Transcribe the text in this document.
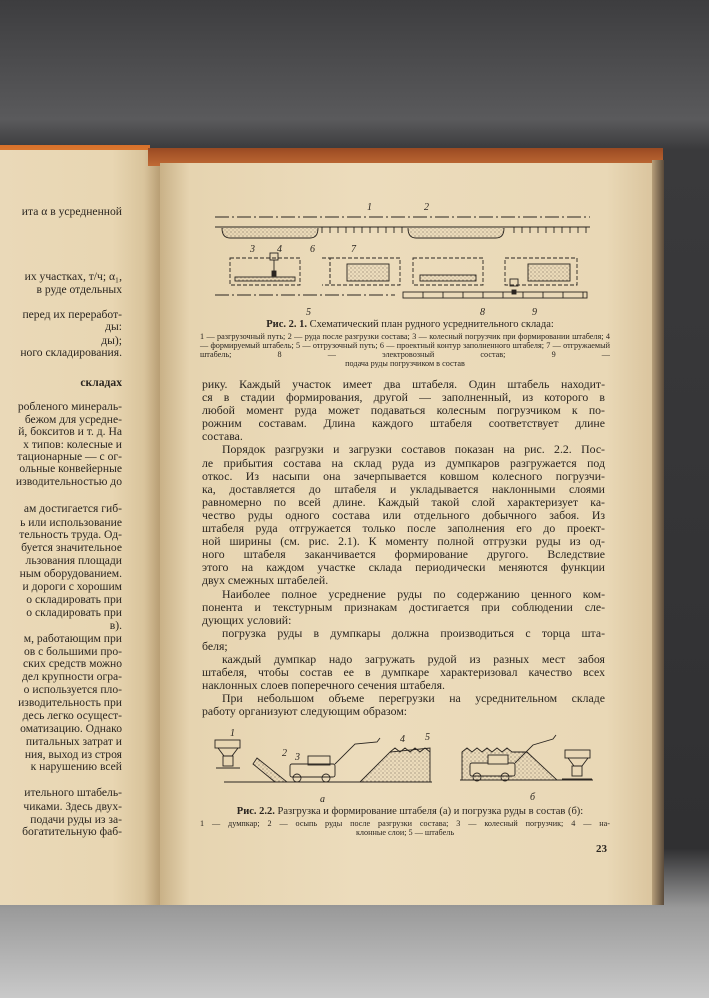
ита α в усредненной
их участках, т/ч; α₁,
в руде отдельных
перед их переработ-
ды:
ды);
ного складирования.
складах
робленого минераль-
бежом для усредне-
й, бокситов и т. д. На
х типов: колесные и
тационарные — с ог-
ольные конвейерные
изводительностью до
ам достигается гиб-
ь или использование
тельность труда. Од-
буется значительное
льзования площади
ным оборудованием.
и дороги с хорошим
о складировать при
о складировать при
в).
м, работающим при
ов с большими про-
ских средств можно
дел крупности огра-
о используется пло-
изводительность при
десь легко осущест-
оматизацию. Однако
питальных затрат и
ния, выход из строя
к нарушению всей
ительного штабель-
чиками. Здесь двух-
подачи руды из за-
богатительную фаб-
1	2
3 4	6	7
5	8	9
Рис. 2. 1. Схематический план рудного усреднительного склада:
1 — разгрузочный путь; 2 — руда после разгрузки состава; 3 — колесный погрузчик при формировании штабеля; 4 — формируемый штабель; 5 — отгрузочный путь; 6 — проектный контур заполненного штабеля; 7 — отгружаемый штабель; 8 — электровозный состав; 9 —
подача руды погрузчиком в состав
рику. Каждый участок имеет два штабеля. Один штабель находит-
ся в стадии формирования, другой — заполненный, из которого в
любой момент руда может подаваться колесным погрузчиком к по-
рожним составам. Длина каждого штабеля соответствует длине
состава.
Порядок разгрузки и загрузки составов показан на рис. 2.2. Пос-
ле прибытия состава на склад руда из думпкаров разгружается под
откос. Из насыпи она зачерпывается ковшом колесного погрузчи-
ка, доставляется до штабеля и укладывается наклонными слоями
равномерно по всей длине. Каждый такой слой характеризует ка-
чество руды одного состава или отдельного добычного забоя. Из
штабеля руда отгружается только после заполнения его до проект-
ной ширины (см. рис. 2.1). К моменту полной отгрузки руды из од-
ного штабеля заканчивается формирование другого. Вследствие
этого на каждом участке склада периодически меняются функции
двух смежных штабелей.
Наиболее полное усреднение руды по содержанию ценного ком-
понента и текстурным признакам достигается при соблюдении сле-
дующих условий:
погрузка руды в думпкары должна производиться с торца шта-
беля;
каждый думпкар надо загружать рудой из разных мест забоя
штабеля, чтобы состав ее в думпкаре характеризовал качество всех
наклонных слоев поперечного сечения штабеля.
При небольшом объеме перегрузки на усреднительном складе
работу организуют следующим образом:
1
2 3
4 5
а	б
Рис. 2.2. Разгрузка и формирование штабеля (а) и погрузка руды в состав (б):
1 — думпкар; 2 — осыпь руды после разгрузки состава; 3 — колесный погрузчик; 4 — на-
клонные слои; 5 — штабель
23
